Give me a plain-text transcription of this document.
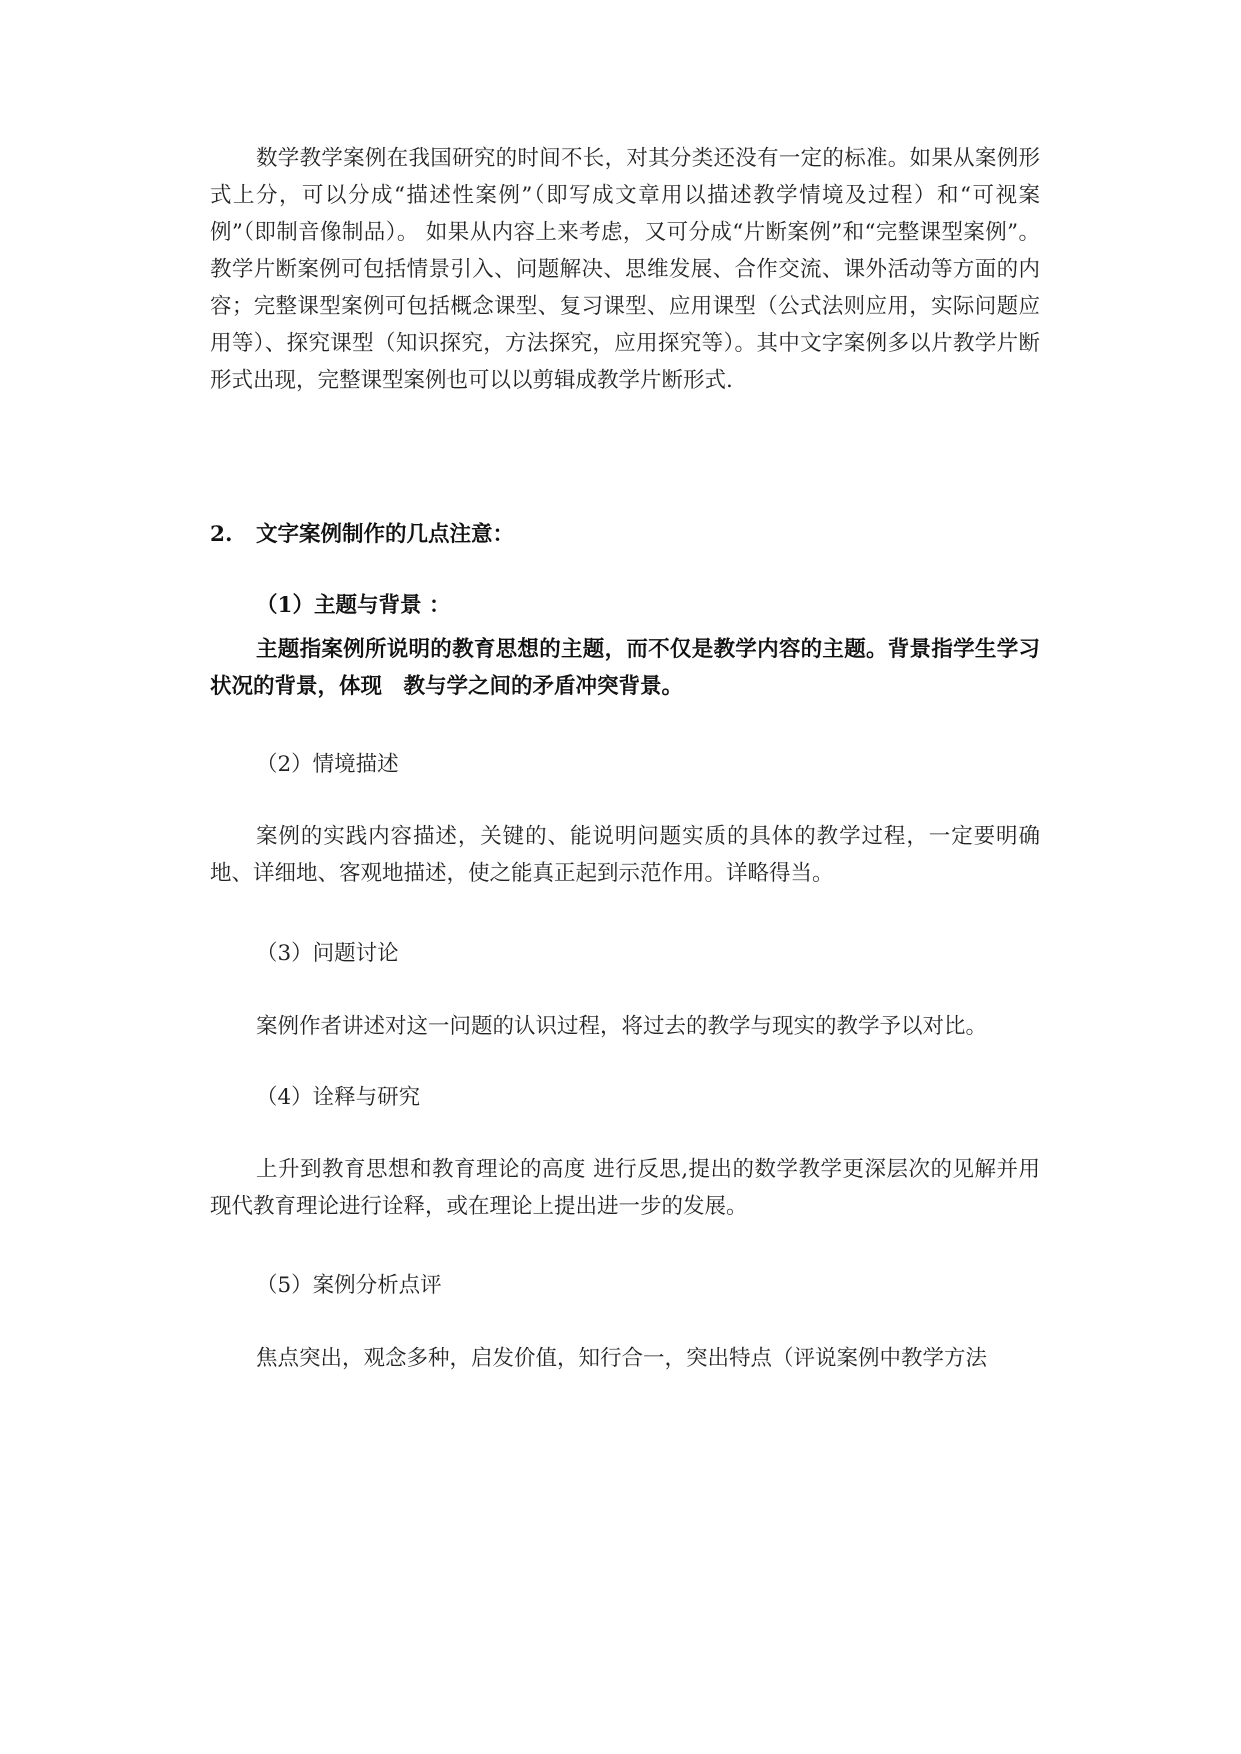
数学教学案例在我国研究的时间不长，对其分类还没有一定的标准。如果从案例形式上分，可以分成“描述性案例”（即写成文章用以描述教学情境及过程）和“可视案例”（即制音像制品）。 如果从内容上来考虑，又可分成“片断案例”和“完整课型案例”。教学片断案例可包括情景引入、问题解决、思维发展、合作交流、课外活动等方面的内容；完整课型案例可包括概念课型、复习课型、应用课型（公式法则应用，实际问题应用等）、探究课型（知识探究，方法探究，应用探究等）。其中文字案例多以片教学片断形式出现，完整课型案例也可以以剪辑成教学片断形式.

2. 文字案例制作的几点注意：

（1）主题与背景 ：

主题指案例所说明的教育思想的主题，而不仅是教学内容的主题。背景指学生学习状况的背景，体现　教与学之间的矛盾冲突背景。

（2）情境描述

案例的实践内容描述，关键的、能说明问题实质的具体的教学过程，一定要明确地、详细地、客观地描述，使之能真正起到示范作用。详略得当。

（3）问题讨论

案例作者讲述对这一问题的认识过程，将过去的教学与现实的教学予以对比。

（4）诠释与研究

上升到教育思想和教育理论的高度 进行反思,提出的数学教学更深层次的见解并用现代教育理论进行诠释，或在理论上提出进一步的发展。

（5）案例分析点评

焦点突出，观念多种，启发价值，知行合一，突出特点（评说案例中教学方法
